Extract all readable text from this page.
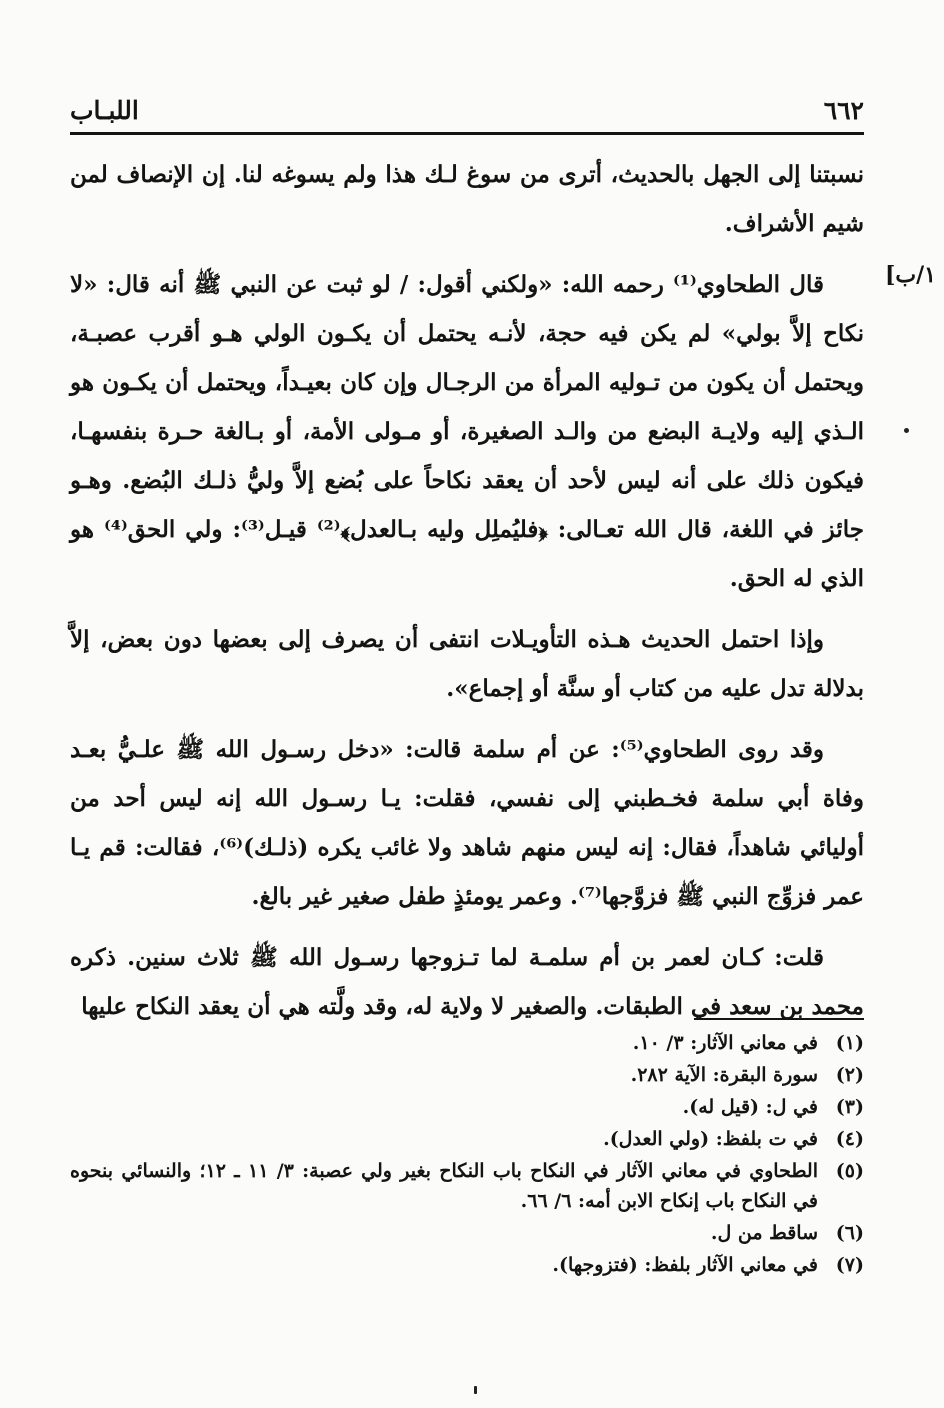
٦٦٢
اللبـاب
١/ب]

نسبتنا إلى الجهل بالحديث، أترى من سوغ لـك هذا ولم يسوغه لنا. إن الإنصاف لمن شيم الأشراف.

قال الطحاوي⁽¹⁾ رحمه الله: «ولكني أقول: / لو ثبت عن النبي ﷺ أنه قال: «لا نكاح إلاَّ بولي» لم يكن فيه حجة، لأنـه يحتمل أن يكـون الولي هـو أقرب عصبـة، ويحتمل أن يكون من تـوليه المرأة من الرجـال وإن كان بعيـداً، ويحتمل أن يكـون هو الـذي إليه ولايـة البضع من والـد الصغيرة، أو مـولى الأمة، أو بـالغة حـرة بنفسهـا، فيكون ذلك على أنه ليس لأحد أن يعقد نكاحاً على بُضع إلاَّ وليُّ ذلـك البُضع. وهـو جائز في اللغة، قال الله تعـالى: ﴿فليُملِل وليه بـالعدل﴾⁽²⁾ قيـل⁽³⁾: ولي الحق⁽⁴⁾ هو الذي له الحق.

وإذا احتمل الحديث هـذه التأويـلات انتفى أن يصرف إلى بعضها دون بعض، إلاَّ بدلالة تدل عليه من كتاب أو سنَّة أو إجماع».

وقد روى الطحاوي⁽⁵⁾: عن أم سلمة قالت: «دخل رسـول الله ﷺ علـيُّ بعـد وفاة أبي سلمة فخـطبني إلى نفسي، فقلت: يـا رسـول الله إنه ليس أحد من أوليائي شاهداً، فقال: إنه ليس منهم شاهد ولا غائب يكره (ذلـك)⁽⁶⁾، فقالت: قم يـا عمر فزوِّج النبي ﷺ فزوَّجها⁽⁷⁾. وعمر يومئذٍ طفل صغير غير بالغ.

قلت: كـان لعمر بن أم سلمـة لما تـزوجها رسـول الله ﷺ ثلاث سنين. ذكره محمد بن سعد في الطبقات. والصغير لا ولاية له، وقد ولَّته هي أن يعقد النكاح عليها

(١)
في معاني الآثار: ٣/ ١٠.
(٢)
سورة البقرة: الآية ٢٨٢.
(٣)
في ل: (قيل له).
(٤)
في ت بلفظ: (ولي العدل).
(٥)
الطحاوي في معاني الآثار في النكاح باب النكاح بغير ولي عصبة: ٣/ ١١ ـ ١٢؛ والنسائي بنحوه في النكاح باب إنكاح الابن أمه: ٦/ ٦٦.
(٦)
ساقط من ل.
(٧)
في معاني الآثار بلفظ: (فتزوجها).
